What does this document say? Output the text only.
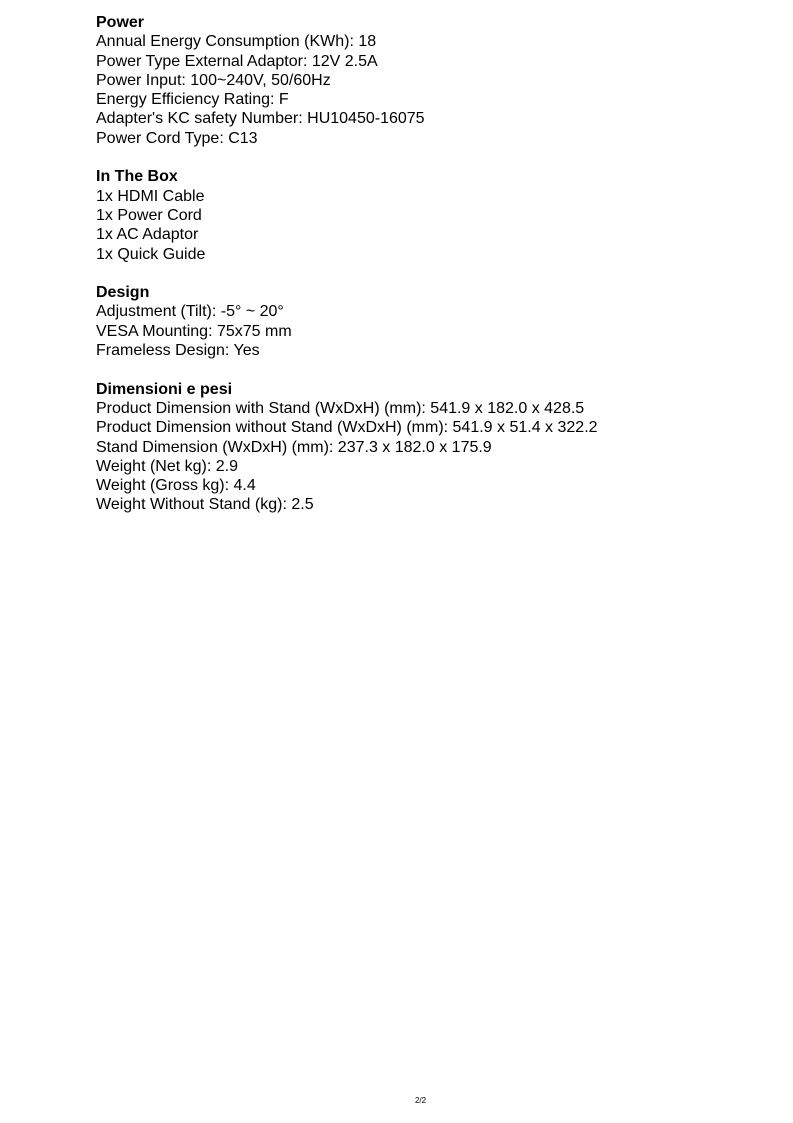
Power
Annual Energy Consumption (KWh): 18
Power Type External Adaptor: 12V 2.5A
Power Input: 100~240V, 50/60Hz
Energy Efficiency Rating: F
Adapter's KC safety Number: HU10450-16075
Power Cord Type: C13
In The Box
1x HDMI Cable
1x Power Cord
1x AC Adaptor
1x Quick Guide
Design
Adjustment (Tilt): -5° ~ 20°
VESA Mounting: 75x75 mm
Frameless Design: Yes
Dimensioni e pesi
Product Dimension with Stand (WxDxH) (mm): 541.9 x 182.0 x 428.5
Product Dimension without Stand (WxDxH) (mm): 541.9 x 51.4 x 322.2
Stand Dimension (WxDxH) (mm): 237.3 x 182.0 x 175.9
Weight (Net kg): 2.9
Weight (Gross kg): 4.4
Weight Without Stand (kg): 2.5
2/2
